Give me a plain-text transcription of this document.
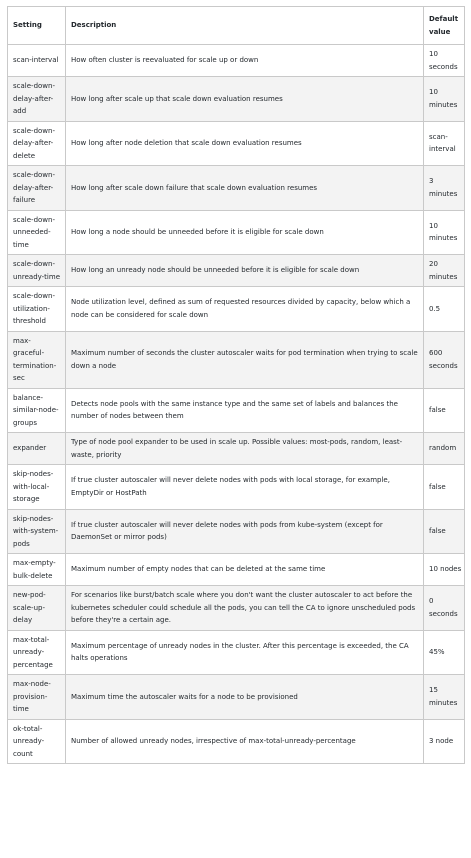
Setting	Description	Default value
scan-interval	How often cluster is reevaluated for scale up or down	10 seconds
scale-down-delay-after-add	How long after scale up that scale down evaluation resumes	10 minutes
scale-down-delay-after-delete	How long after node deletion that scale down evaluation resumes	scan-interval
scale-down-delay-after-failure	How long after scale down failure that scale down evaluation resumes	3 minutes
scale-down-unneeded-time	How long a node should be unneeded before it is eligible for scale down	10 minutes
scale-down-unready-time	How long an unready node should be unneeded before it is eligible for scale down	20 minutes
scale-down-utilization-threshold	Node utilization level, defined as sum of requested resources divided by capacity, below which a node can be considered for scale down	0.5
max-graceful-termination-sec	Maximum number of seconds the cluster autoscaler waits for pod termination when trying to scale down a node	600 seconds
balance-similar-node-groups	Detects node pools with the same instance type and the same set of labels and balances the number of nodes between them	false
expander	Type of node pool expander to be used in scale up. Possible values: most-pods, random, least-waste, priority	random
skip-nodes-with-local-storage	If true cluster autoscaler will never delete nodes with pods with local storage, for example, EmptyDir or HostPath	false
skip-nodes-with-system-pods	If true cluster autoscaler will never delete nodes with pods from kube-system (except for DaemonSet or mirror pods)	false
max-empty-bulk-delete	Maximum number of empty nodes that can be deleted at the same time	10 nodes
new-pod-scale-up-delay	For scenarios like burst/batch scale where you don't want the cluster autoscaler to act before the kubernetes scheduler could schedule all the pods, you can tell the CA to ignore unscheduled pods before they're a certain age.	0 seconds
max-total-unready-percentage	Maximum percentage of unready nodes in the cluster. After this percentage is exceeded, the CA halts operations	45%
max-node-provision-time	Maximum time the autoscaler waits for a node to be provisioned	15 minutes
ok-total-unready-count	Number of allowed unready nodes, irrespective of max-total-unready-percentage	3 node
